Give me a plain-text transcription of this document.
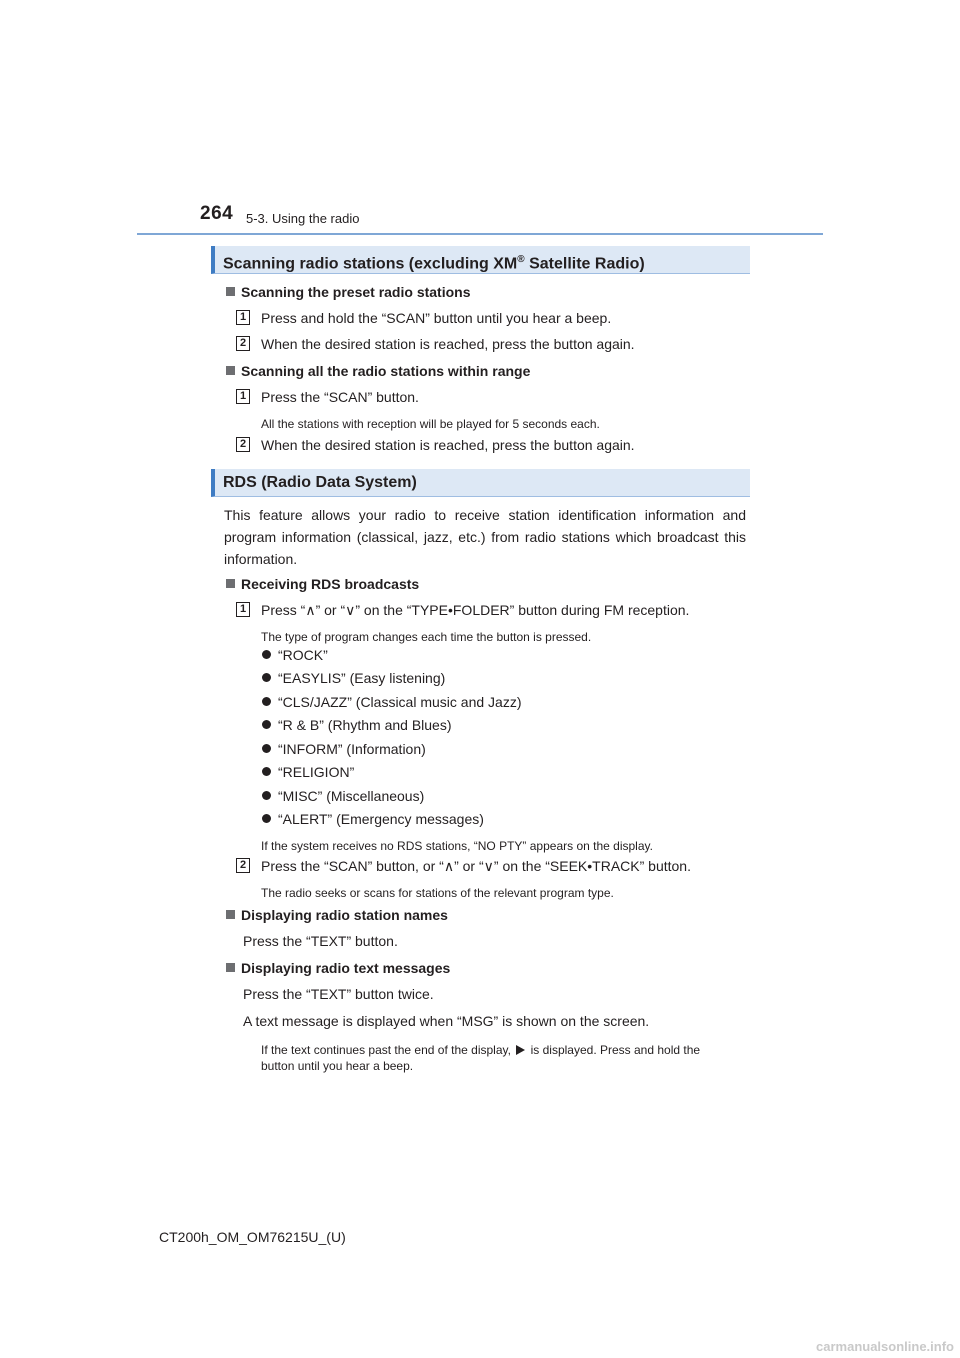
264 5-3. Using the radio
Scanning radio stations (excluding XM® Satellite Radio)
Scanning the preset radio stations
1 Press and hold the “SCAN” button until you hear a beep.
2 When the desired station is reached, press the button again.
Scanning all the radio stations within range
1 Press the “SCAN” button.
All the stations with reception will be played for 5 seconds each.
2 When the desired station is reached, press the button again.
RDS (Radio Data System)
This feature allows your radio to receive station identification information and program information (classical, jazz, etc.) from radio stations which broadcast this information.
Receiving RDS broadcasts
1 Press “∧” or “∨” on the “TYPE•FOLDER” button during FM reception.
The type of program changes each time the button is pressed.
“ROCK”
“EASYLIS” (Easy listening)
“CLS/JAZZ” (Classical music and Jazz)
“R & B” (Rhythm and Blues)
“INFORM” (Information)
“RELIGION”
“MISC” (Miscellaneous)
“ALERT” (Emergency messages)
If the system receives no RDS stations, “NO PTY” appears on the display.
2 Press the “SCAN” button, or “∧” or “∨” on the “SEEK•TRACK” button.
The radio seeks or scans for stations of the relevant program type.
Displaying radio station names
Press the “TEXT” button.
Displaying radio text messages
Press the “TEXT” button twice.
A text message is displayed when “MSG” is shown on the screen.
If the text continues past the end of the display, is displayed. Press and hold the
button until you hear a beep.
CT200h_OM_OM76215U_(U)
carmanualsonline.info
